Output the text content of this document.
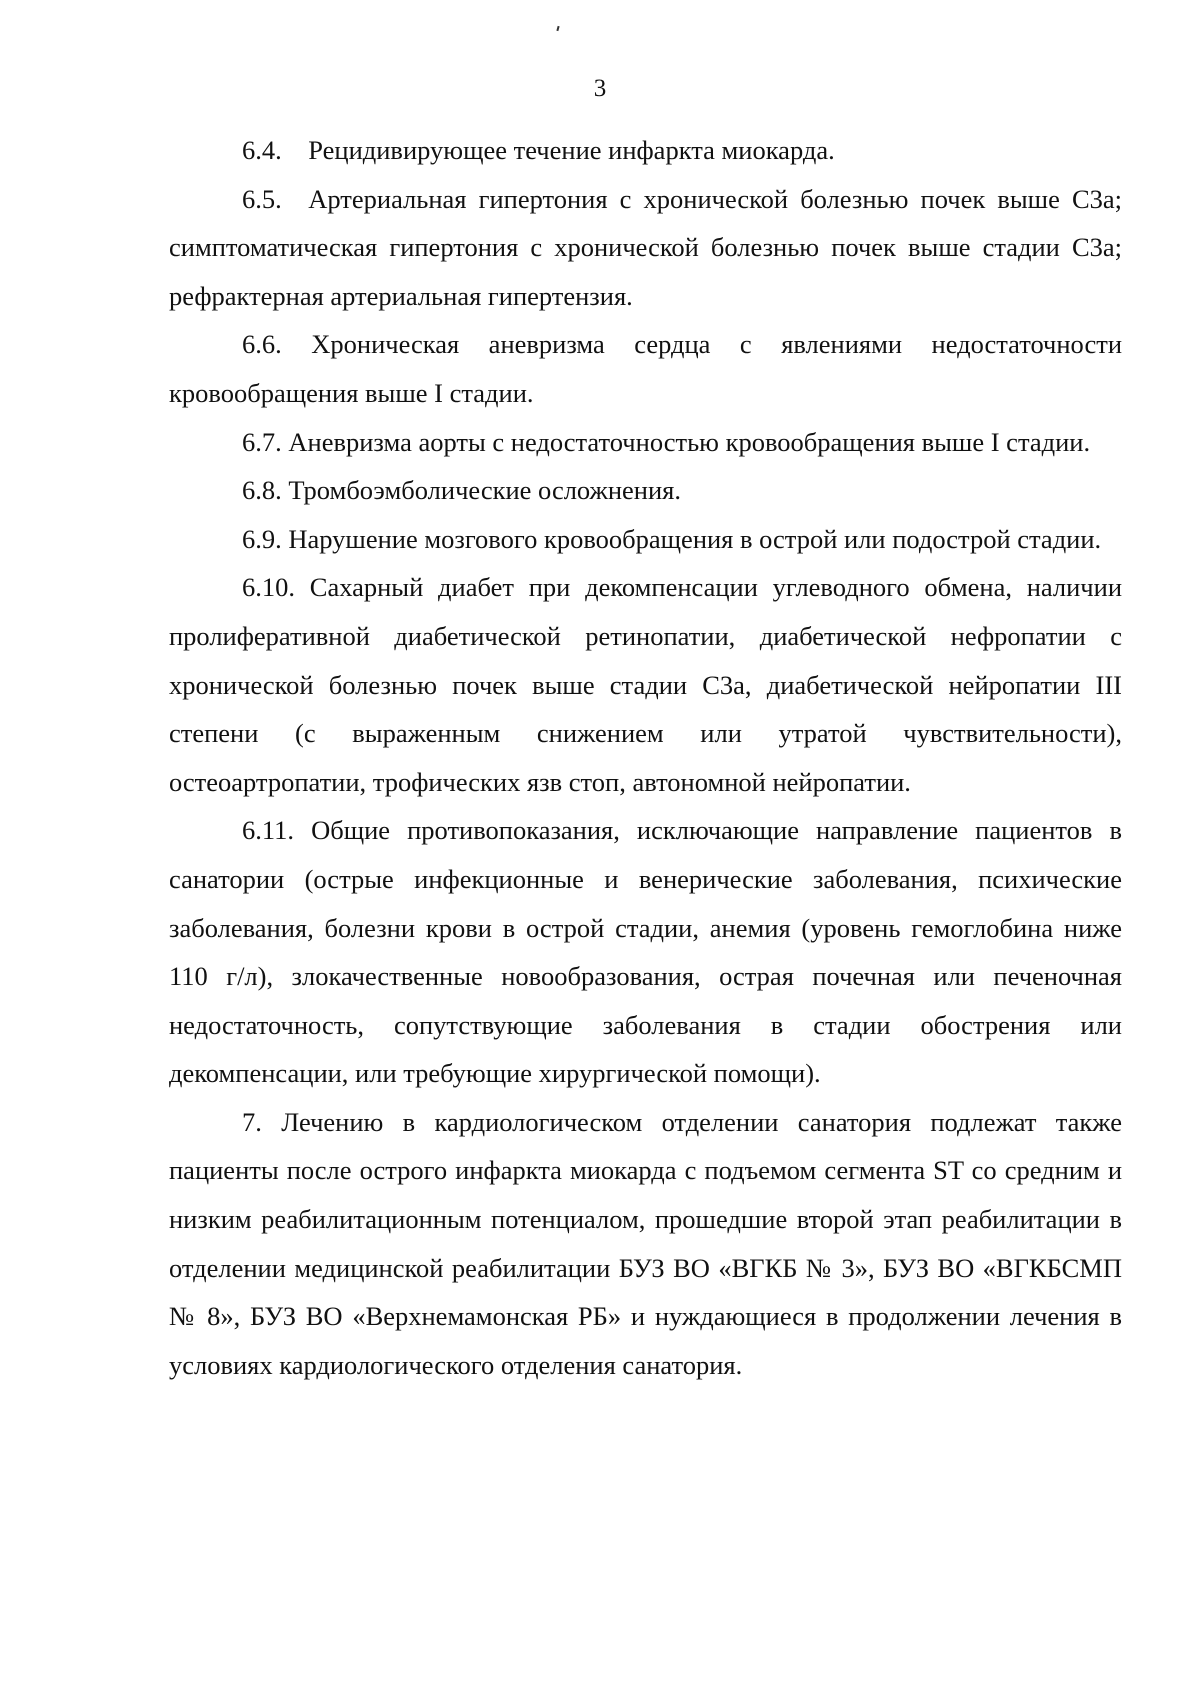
3

6.4. Рецидивирующее течение инфаркта миокарда.

6.5. Артериальная гипертония с хронической болезнью почек выше С3а; симптоматическая гипертония с хронической болезнью почек выше стадии С3а; рефрактерная артериальная гипертензия.

6.6. Хроническая аневризма сердца с явлениями недостаточности кровообращения выше I стадии.

6.7. Аневризма аорты с недостаточностью кровообращения выше I стадии.

6.8. Тромбоэмболические осложнения.

6.9. Нарушение мозгового кровообращения в острой или подострой стадии.

6.10. Сахарный диабет при декомпенсации углеводного обмена, наличии пролиферативной диабетической ретинопатии, диабетической нефропатии с хронической болезнью почек выше стадии С3а, диабетической нейропатии III степени (с выраженным снижением или утратой чувствительности), остеоартропатии, трофических язв стоп, автономной нейропатии.

6.11. Общие противопоказания, исключающие направление пациентов в санатории (острые инфекционные и венерические заболевания, психические заболевания, болезни крови в острой стадии, анемия (уровень гемоглобина ниже 110 г/л), злокачественные новообразования, острая почечная или печеночная недостаточность, сопутствующие заболевания в стадии обострения или декомпенсации, или требующие хирургической помощи).

7. Лечению в кардиологическом отделении санатория подлежат также пациенты после острого инфаркта миокарда с подъемом сегмента ST со средним и низким реабилитационным потенциалом, прошедшие второй этап реабилитации в отделении медицинской реабилитации БУЗ ВО «ВГКБ № 3», БУЗ ВО «ВГКБСМП № 8», БУЗ ВО «Верхнемамонская РБ» и нуждающиеся в продолжении лечения в условиях кардиологического отделения санатория.
